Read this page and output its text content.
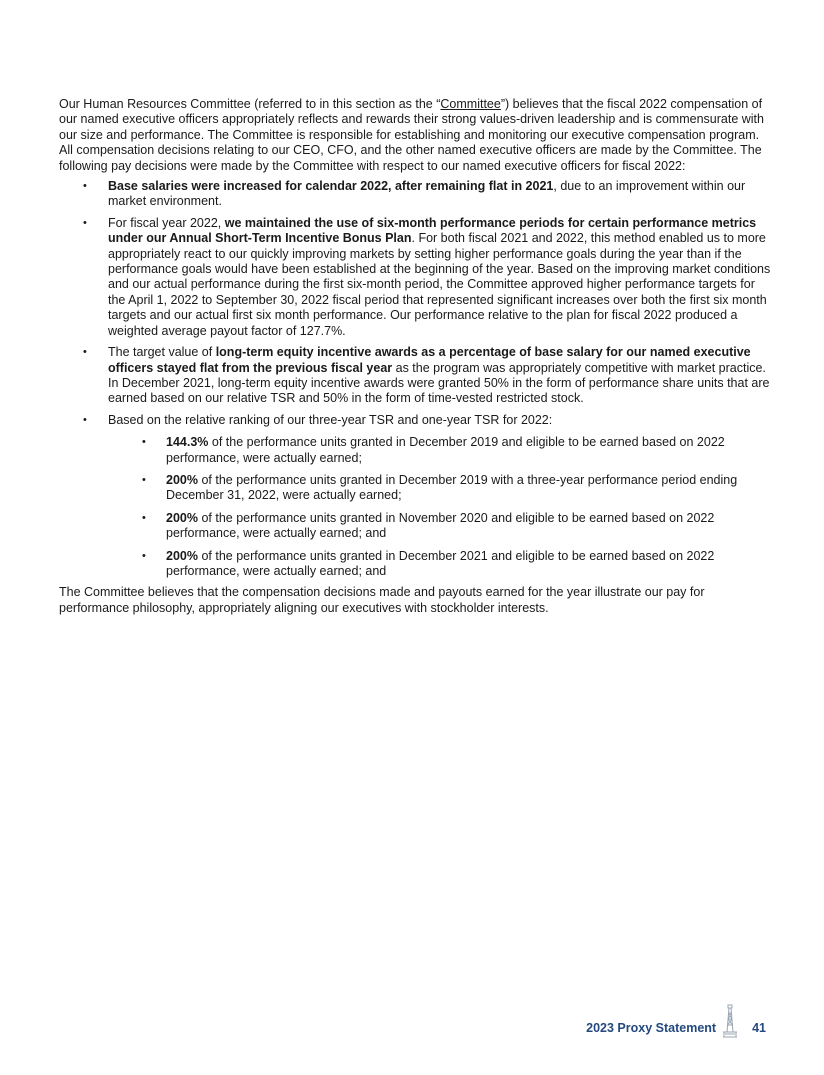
Our Human Resources Committee (referred to in this section as the “Committee”) believes that the fiscal 2022 compensation of our named executive officers appropriately reflects and rewards their strong values-driven leadership and is commensurate with our size and performance. The Committee is responsible for establishing and monitoring our executive compensation program. All compensation decisions relating to our CEO, CFO, and the other named executive officers are made by the Committee. The following pay decisions were made by the Committee with respect to our named executive officers for fiscal 2022:

• Base salaries were increased for calendar 2022, after remaining flat in 2021, due to an improvement within our market environment.
• For fiscal year 2022, we maintained the use of six-month performance periods for certain performance metrics under our Annual Short-Term Incentive Bonus Plan. For both fiscal 2021 and 2022, this method enabled us to more appropriately react to our quickly improving markets by setting higher performance goals during the year than if the performance goals would have been established at the beginning of the year. Based on the improving market conditions and our actual performance during the first six-month period, the Committee approved higher performance targets for the April 1, 2022 to September 30, 2022 fiscal period that represented significant increases over both the first six month targets and our actual first six month performance. Our performance relative to the plan for fiscal 2022 produced a weighted average payout factor of 127.7%.
• The target value of long-term equity incentive awards as a percentage of base salary for our named executive officers stayed flat from the previous fiscal year as the program was appropriately competitive with market practice. In December 2021, long-term equity incentive awards were granted 50% in the form of performance share units that are earned based on our relative TSR and 50% in the form of time-vested restricted stock.
• Based on the relative ranking of our three-year TSR and one-year TSR for 2022:
• 144.3% of the performance units granted in December 2019 and eligible to be earned based on 2022 performance, were actually earned;
• 200% of the performance units granted in December 2019 with a three-year performance period ending December 31, 2022, were actually earned;
• 200% of the performance units granted in November 2020 and eligible to be earned based on 2022 performance, were actually earned; and
• 200% of the performance units granted in December 2021 and eligible to be earned based on 2022 performance, were actually earned; and

The Committee believes that the compensation decisions made and payouts earned for the year illustrate our pay for performance philosophy, appropriately aligning our executives with stockholder interests.

2023 Proxy Statement	41
